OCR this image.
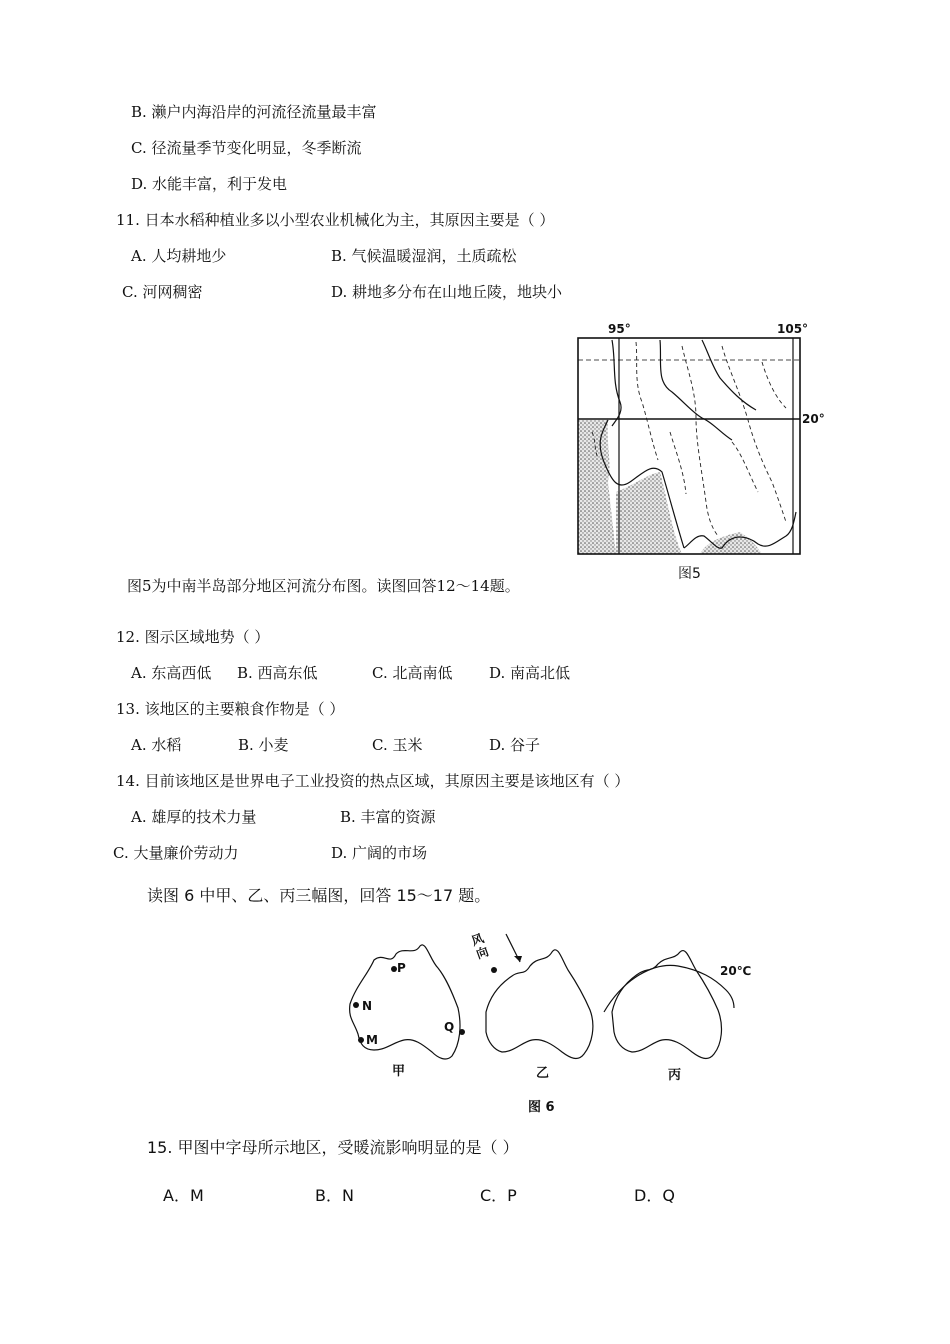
B. 濑户内海沿岸的河流径流量最丰富
C. 径流量季节变化明显，冬季断流
D. 水能丰富，利于发电
11. 日本水稻种植业多以小型农业机械化为主，其原因主要是（ ）
A. 人均耕地少	B. 气候温暖湿润，土质疏松
C. 河网稠密	D. 耕地多分布在山地丘陵，地块小
95°	105°
20°
图5
图5为中南半岛部分地区河流分布图。读图回答12～14题。
12. 图示区域地势（ ）
A. 东高西低 B. 西高东低	C. 北高南低 D. 南高北低
13. 该地区的主要粮食作物是（ ）
A. 水稻	B. 小麦	C. 玉米	D. 谷子
14. 目前该地区是世界电子工业投资的热点区域，其原因主要是该地区有（ ）
A. 雄厚的技术力量	B. 丰富的资源
C. 大量廉价劳动力	D. 广阔的市场
读图 6 中甲、乙、丙三幅图，回答 15～17 题。
P
N
M
Q
风向
20℃
甲	乙	丙
图 6
15. 甲图中字母所示地区，受暖流影响明显的是（ ）
A．M	B．N	C．P	D．Q
